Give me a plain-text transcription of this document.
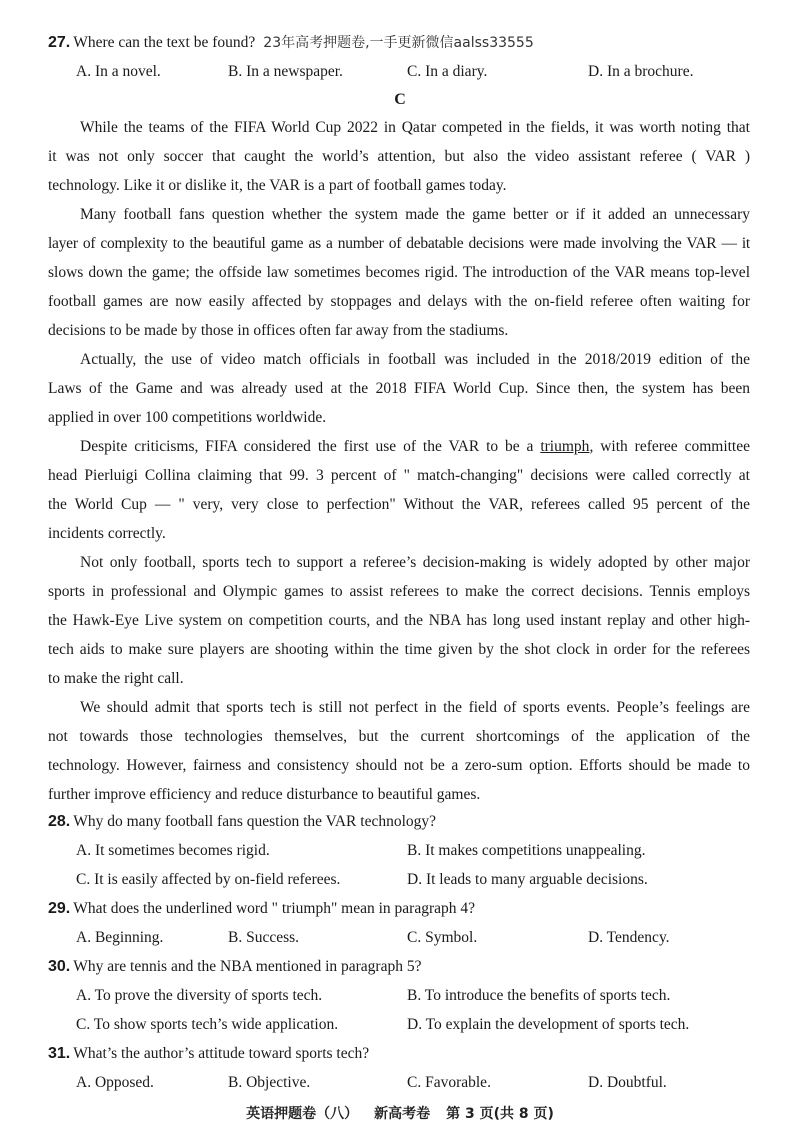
27. Where can the text be found? 23年高考押题卷,一手更新微信aalss33555
A. In a novel.	B. In a newspaper.	C. In a diary.	D. In a brochure.
C
While the teams of the FIFA World Cup 2022 in Qatar competed in the fields, it was worth noting that
it was not only soccer that caught the world’s attention, but also the video assistant referee ( VAR )
technology. Like it or dislike it, the VAR is a part of football games today.
Many football fans question whether the system made the game better or if it added an unnecessary
layer of complexity to the beautiful game as a number of debatable decisions were made involving the VAR — it
slows down the game; the offside law sometimes becomes rigid. The introduction of the VAR means top-level
football games are now easily affected by stoppages and delays with the on-field referee often waiting for
decisions to be made by those in offices often far away from the stadiums.
Actually, the use of video match officials in football was included in the 2018/2019 edition of the
Laws of the Game and was already used at the 2018 FIFA World Cup. Since then, the system has been
applied in over 100 competitions worldwide.
Despite criticisms, FIFA considered the first use of the VAR to be a triumph, with referee committee
head Pierluigi Collina claiming that 99. 3 percent of " match-changing" decisions were called correctly at
the World Cup — " very, very close to perfection" Without the VAR, referees called 95 percent of the
incidents correctly.
Not only football, sports tech to support a referee’s decision-making is widely adopted by other major
sports in professional and Olympic games to assist referees to make the correct decisions. Tennis employs
the Hawk-Eye Live system on competition courts, and the NBA has long used instant replay and other high-
tech aids to make sure players are shooting within the time given by the shot clock in order for the referees
to make the right call.
We should admit that sports tech is still not perfect in the field of sports events. People’s feelings are
not towards those technologies themselves, but the current shortcomings of the application of the
technology. However, fairness and consistency should not be a zero-sum option. Efforts should be made to
further improve efficiency and reduce disturbance to beautiful games.
28. Why do many football fans question the VAR technology?
A. It sometimes becomes rigid.	B. It makes competitions unappealing.
C. It is easily affected by on-field referees.	D. It leads to many arguable decisions.
29. What does the underlined word " triumph" mean in paragraph 4?
A. Beginning.	B. Success.	C. Symbol.	D. Tendency.
30. Why are tennis and the NBA mentioned in paragraph 5?
A. To prove the diversity of sports tech.	B. To introduce the benefits of sports tech.
C. To show sports tech’s wide application.	D. To explain the development of sports tech.
31. What’s the author’s attitude toward sports tech?
A. Opposed.	B. Objective.	C. Favorable.	D. Doubtful.
英语押题卷（八） 新高考卷 第 3 页(共 8 页)
